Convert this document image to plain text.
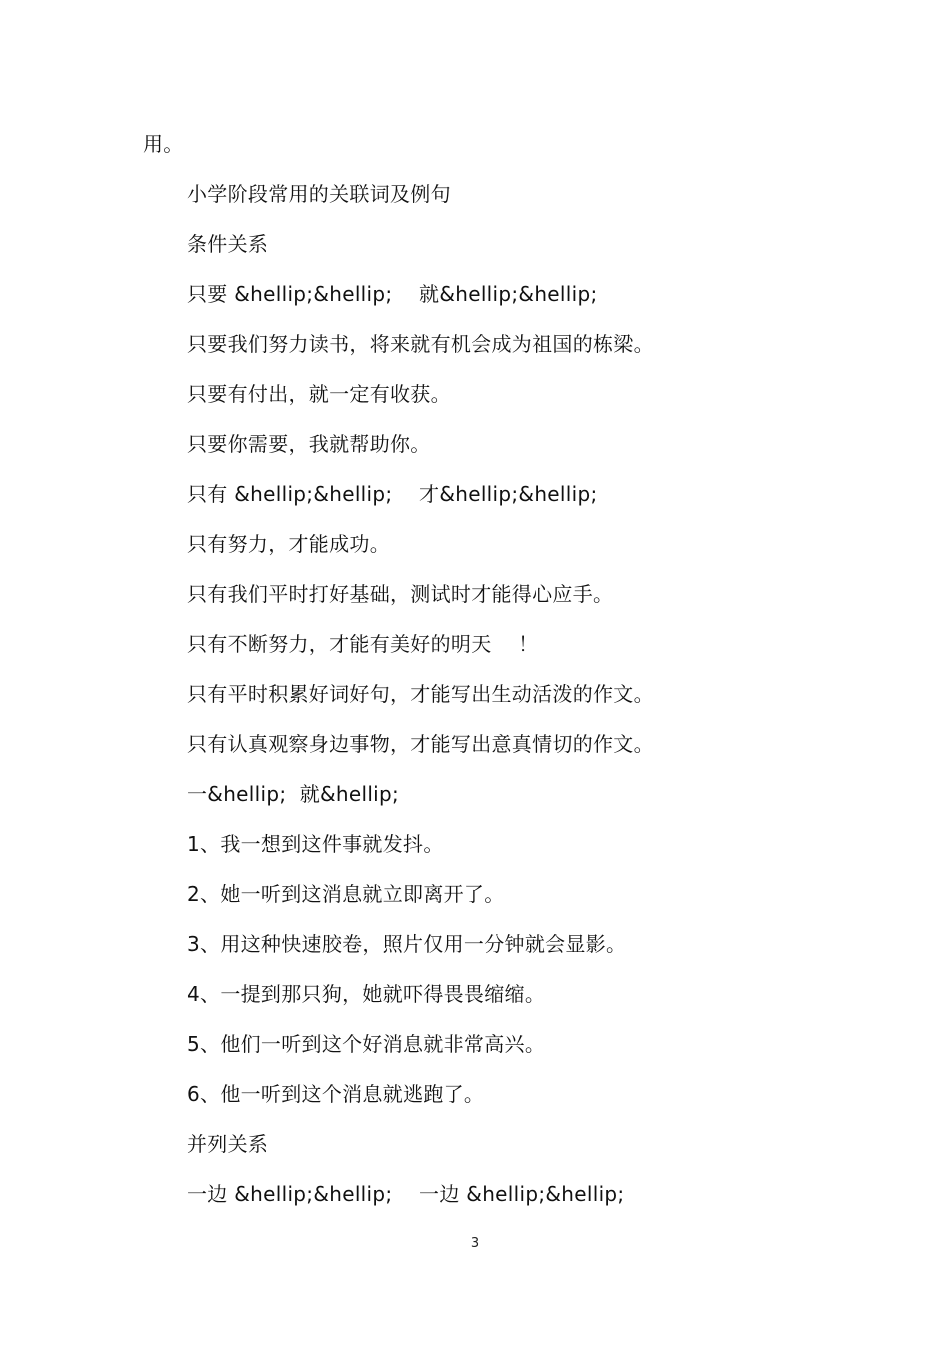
用。
小学阶段常用的关联词及例句
条件关系
只要 &hellip;&hellip;    就&hellip;&hellip;
只要我们努力读书，将来就有机会成为祖国的栋梁。
只要有付出，就一定有收获。
只要你需要，我就帮助你。
只有 &hellip;&hellip;    才&hellip;&hellip;
只有努力，才能成功。
只有我们平时打好基础，测试时才能得心应手。
只有不断努力，才能有美好的明天    ！
只有平时积累好词好句，才能写出生动活泼的作文。
只有认真观察身边事物，才能写出意真情切的作文。
一&hellip;  就&hellip;
1、我一想到这件事就发抖。
2、她一听到这消息就立即离开了。
3、用这种快速胶卷，照片仅用一分钟就会显影。
4、一提到那只狗，她就吓得畏畏缩缩。
5、他们一听到这个好消息就非常高兴。
6、他一听到这个消息就逃跑了。
并列关系
一边 &hellip;&hellip;    一边 &hellip;&hellip;
3
